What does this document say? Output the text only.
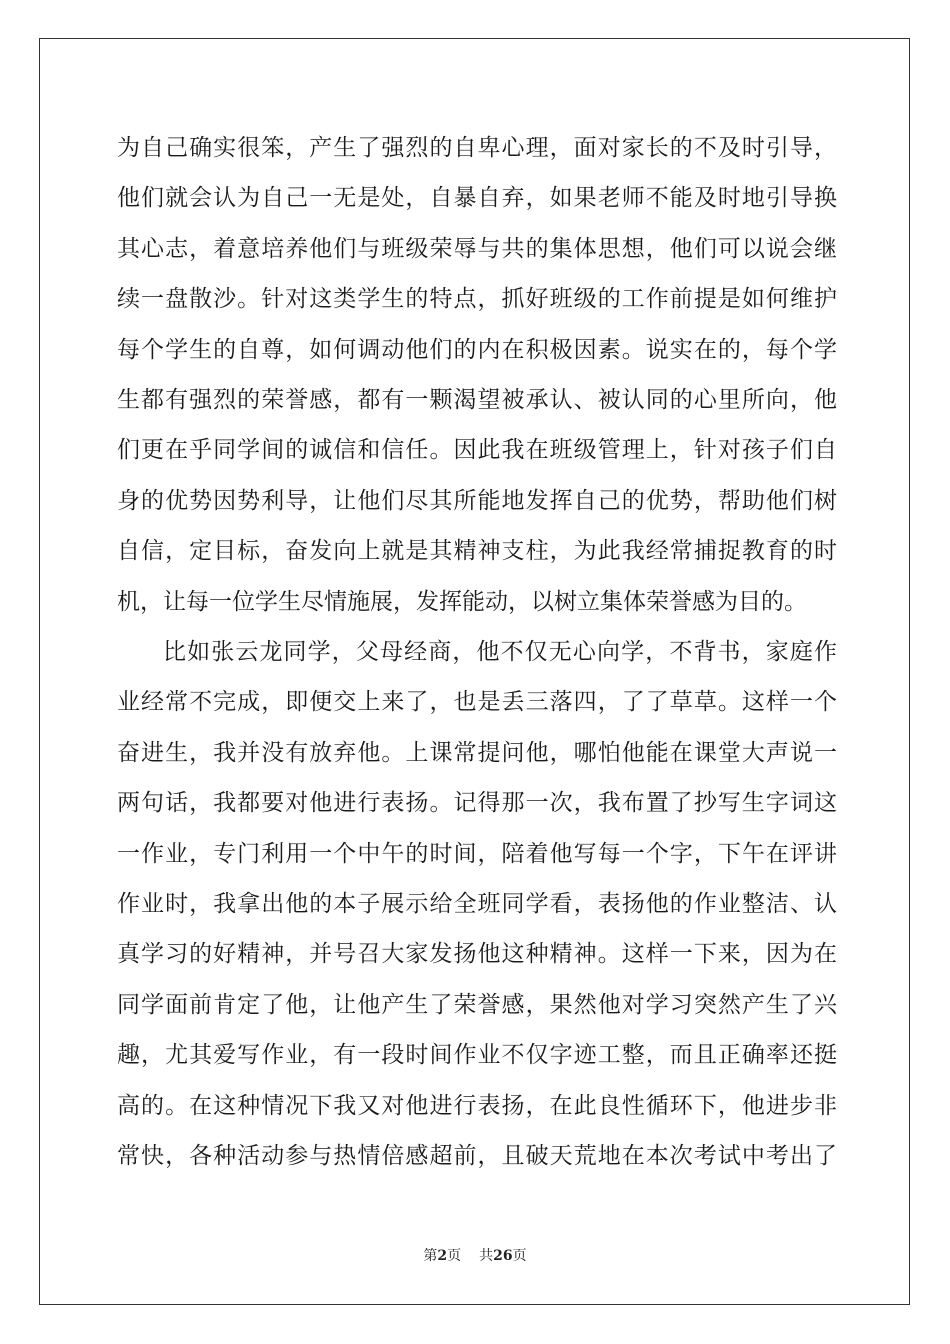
为自己确实很笨，产生了强烈的自卑心理，面对家长的不及时引导，
他们就会认为自己一无是处，自暴自弃，如果老师不能及时地引导换
其心志，着意培养他们与班级荣辱与共的集体思想，他们可以说会继
续一盘散沙。针对这类学生的特点，抓好班级的工作前提是如何维护
每个学生的自尊，如何调动他们的内在积极因素。说实在的，每个学
生都有强烈的荣誉感，都有一颗渴望被承认、被认同的心里所向，他
们更在乎同学间的诚信和信任。因此我在班级管理上，针对孩子们自
身的优势因势利导，让他们尽其所能地发挥自己的优势，帮助他们树
自信，定目标，奋发向上就是其精神支柱，为此我经常捕捉教育的时
机，让每一位学生尽情施展，发挥能动，以树立集体荣誉感为目的。
比如张云龙同学，父母经商，他不仅无心向学，不背书，家庭作
业经常不完成，即便交上来了，也是丢三落四，了了草草。这样一个
奋进生，我并没有放弃他。上课常提问他，哪怕他能在课堂大声说一
两句话，我都要对他进行表扬。记得那一次，我布置了抄写生字词这
一作业，专门利用一个中午的时间，陪着他写每一个字，下午在评讲
作业时，我拿出他的本子展示给全班同学看，表扬他的作业整洁、认
真学习的好精神，并号召大家发扬他这种精神。这样一下来，因为在
同学面前肯定了他，让他产生了荣誉感，果然他对学习突然产生了兴
趣，尤其爱写作业，有一段时间作业不仅字迹工整，而且正确率还挺
高的。在这种情况下我又对他进行表扬，在此良性循环下，他进步非
常快，各种活动参与热情倍感超前，且破天荒地在本次考试中考出了
第2页 共26页
